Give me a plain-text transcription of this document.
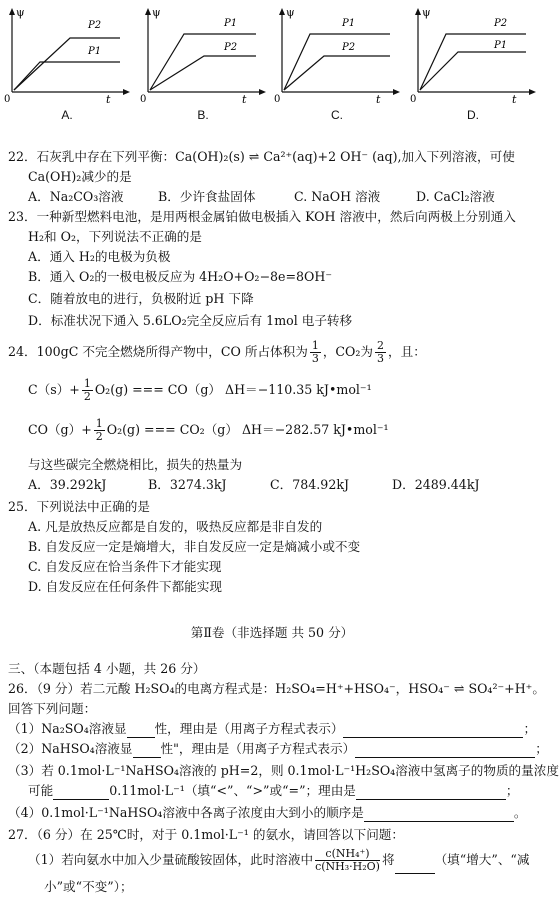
ψ
t
0
P2
P1
A.
ψ
t
0
P1
P2
B.
ψ
t
0
P1
P2
C.
ψ
t
0
P2
P1
D.
22．石灰乳中存在下列平衡：Ca(OH)₂(s) ⇌ Ca²⁺(aq)+2 OH⁻ (aq),加入下列溶液，可使
Ca(OH)₂减少的是
A．Na₂CO₃溶液	B．少许食盐固体	C. NaOH 溶液	D. CaCl₂溶液
23．一种新型燃料电池，是用两根金属铂做电极插入 KOH 溶液中，然后向两极上分别通入
H₂和 O₂，下列说法不正确的是
A．通入 H₂的电极为负极
B．通入 O₂的一极电极反应为 4H₂O+O₂−8e=8OH⁻
C．随着放电的进行，负极附近 pH 下降
D．标准状况下通入 5.6LO₂完全反应后有 1mol 电子转移
24．100gC 不完全燃烧所得产物中，CO 所占体积为 $\frac{1}{3}$ ，CO₂为 $\frac{2}{3}$ ，且：
$C(s)+ \frac{1}{2} O_2(g)$ === CO（g） ΔH＝−110.35 kJ•mol⁻¹
$CO(g)+ \frac{1}{2} O_2(g)$ === CO₂（g） ΔH＝−282.57 kJ•mol⁻¹
与这些碳完全燃烧相比，损失的热量为
A．39.292kJ	B．3274.3kJ	C．784.92kJ	D．2489.44kJ
25．下列说法中正确的是
A. 凡是放热反应都是自发的，吸热反应都是非自发的
B. 自发反应一定是熵增大，非自发反应一定是熵减小或不变
C. 自发反应在恰当条件下才能实现
D. 自发反应在任何条件下都能实现
第Ⅱ卷（非选择题 共 50 分）
三、（本题包括 4 小题，共 26 分）
26．（9 分）若二元酸 H₂SO₄的电离方程式是：H₂SO₄=H⁺+HSO₄⁻，HSO₄⁻ ⇌ SO₄²⁻+H⁺。
回答下列问题：
（1）Na₂SO₄溶液显 性，理由是（用离子方程式表示）	；
（2）NaHSO₄溶液显 性"，理由是（用离子方程式表示）	；
（3）若 0.1mol·L⁻¹NaHSO₄溶液的 pH=2，则 0.1mol·L⁻¹H₂SO₄溶液中氢离子的物质的量浓度
可能	0.11mol·L⁻¹（填“<”、“>”或“=”；理由是	；
（4）0.1mol·L⁻¹NaHSO₄溶液中各离子浓度由大到小的顺序是	。
27．（6 分）在 25℃时，对于 0.1mol·L⁻¹ 的氨水，请回答以下问题：
（1）若向氨水中加入少量硫酸铵固体，此时溶液中 $\frac{\text{c(NH₄⁺)}}{\text{c(NH₃·H₂O)}}$ 将	（填“增大”、“减
小”或“不变”）；
